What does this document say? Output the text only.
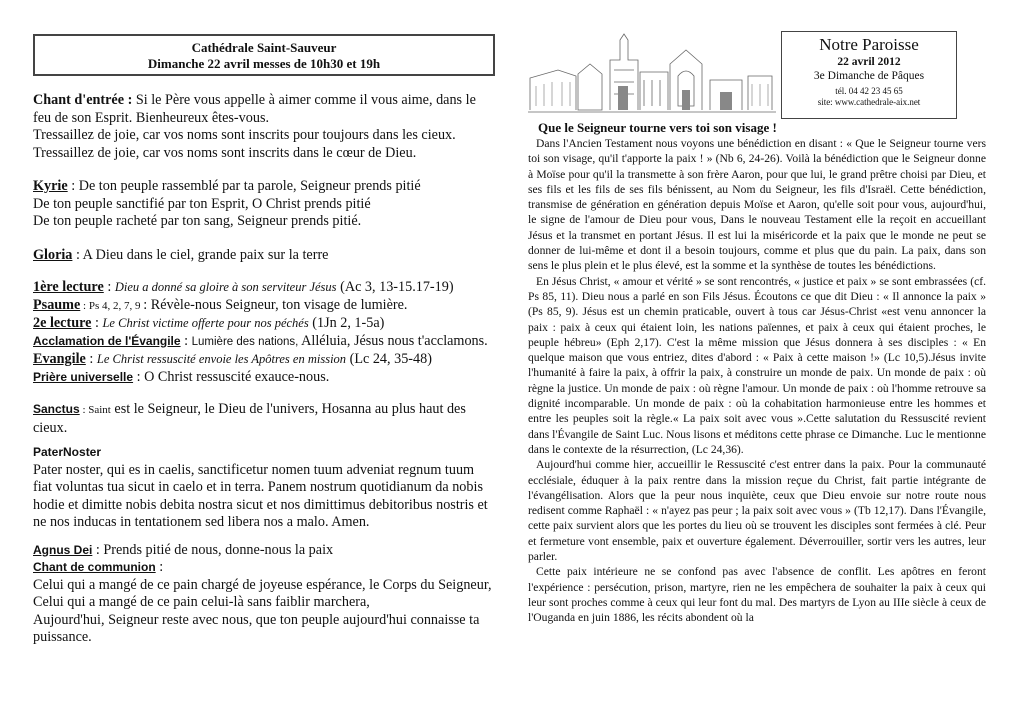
Cathédrale Saint-Sauveur
Dimanche 22 avril messes de 10h30 et 19h

Chant d'entrée : Si le Père vous appelle à aimer comme il vous aime, dans le feu de son Esprit. Bienheureux êtes-vous.

Tressaillez de joie, car vos noms sont inscrits pour toujours dans les cieux.

Tressaillez de joie, car vos noms sont inscrits dans le cœur de Dieu.

Kyrie : De ton peuple rassemblé par ta parole, Seigneur prends pitié

De ton peuple sanctifié par ton Esprit, O Christ prends pitié

De ton peuple racheté par ton sang, Seigneur prends pitié.

Gloria : A Dieu dans le ciel, grande paix sur la terre

1ère lecture : Dieu a donné sa gloire à son serviteur Jésus (Ac 3, 13-15.17-19)

Psaume : Ps 4, 2, 7, 9 : Révèle-nous Seigneur, ton visage de lumière.

2e lecture : Le Christ victime offerte pour nos péchés (1Jn 2, 1-5a)

Acclamation de l'Évangile : Lumière des nations, Alléluia, Jésus nous t'acclamons.

Evangile : Le Christ ressuscité envoie les Apôtres en mission (Lc 24, 35-48)

Prière universelle : O Christ ressuscité exauce-nous.

Sanctus : Saint est le Seigneur, le Dieu de l'univers, Hosanna au plus haut des cieux.

PaterNoster

Pater noster, qui es in caelis, sanctificetur nomen tuum adveniat regnum tuum fiat voluntas tua sicut in caelo et in terra. Panem nostrum quotidianum da nobis hodie et dimitte nobis debita nostra sicut et nos dimittimus debitoribus nostris et ne nos inducas in tentationem sed libera nos a malo. Amen.

Agnus Dei : Prends pitié de nous, donne-nous la paix

Chant de communion :

Celui qui a mangé de ce pain chargé de joyeuse espérance, le Corps du Seigneur,

Celui qui a mangé de ce pain celui-là sans faiblir marchera,

Aujourd'hui, Seigneur reste avec nous, que ton peuple aujourd'hui connaisse ta puissance.

Notre Paroisse
22 avril 2012
3e Dimanche de Pâques
tél. 04 42 23 45 65
site: www.cathedrale-aix.net
Que le Seigneur tourne vers toi son visage !

Dans l'Ancien Testament nous voyons une bénédiction en disant : « Que le Seigneur tourne vers toi son visage, qu'il t'apporte la paix ! » (Nb 6, 24-26). Voilà la bénédiction que le Seigneur donne à Moïse pour qu'il la transmette à son frère Aaron, pour que lui, le grand prêtre choisi par Dieu, et ses fils et les fils de ses fils bénissent, au Nom du Seigneur, les fils d'Israël. Cette bénédiction, transmise de génération en génération depuis Moïse et Aaron, qu'elle soit pour vous, aujourd'hui, le signe de l'amour de Dieu pour vous, Dans le nouveau Testament elle la reçoit en accueillant Jésus et la transmet en portant Jésus. Il est lui la miséricorde et la paix que le monde ne peut se donner de lui-même et dont il a besoin toujours, comme et plus que du pain. La paix, dans son sens le plus plein et le plus élevé, est la somme et la synthèse de toutes les bénédictions.

En Jésus Christ, « amour et vérité » se sont rencontrés, « justice et paix » se sont embrassées (cf. Ps 85, 11). Dieu nous a parlé en son Fils Jésus. Écoutons ce que dit Dieu : « Il annonce la paix » (Ps 85, 9). Jésus est un chemin praticable, ouvert à tous car Jésus-Christ «est venu annoncer la paix : paix à ceux qui étaient loin, les nations païennes, et paix à ceux qui étaient proches, le peuple hébreu» (Eph 2,17). C'est la même mission que Jésus donnera à ses disciples : « En quelque maison que vous entriez, dites d'abord : « Paix à cette maison !» (Lc 10,5).Jésus invite l'humanité à faire la paix, à offrir la paix, à construire un monde de paix. Un monde de paix : où règne la justice. Un monde de paix : où règne l'amour. Un monde de paix : où l'homme retrouve sa dignité incomparable. Un monde de paix : où la cohabitation harmonieuse entre les hommes et entre les peuples soit la règle.« La paix soit avec vous ».Cette salutation du Ressuscité revient dans l'Évangile de Saint Luc. Nous lisons et méditons cette phrase ce Dimanche. Luc le mentionne dans le contexte de la résurrection, (Lc 24,36).

Aujourd'hui comme hier, accueillir le Ressuscité c'est entrer dans la paix. Pour la communauté ecclésiale, éduquer à la paix rentre dans la mission reçue du Christ, fait partie intégrante de l'évangélisation. Alors que la peur nous inquiète, ceux que Dieu envoie sur notre route nous redisent comme Raphaël : « n'ayez pas peur ; la paix soit avec vous » (Tb 12,17). Dans l'Évangile, cette paix survient alors que les portes du lieu où se trouvent les disciples sont fermées à clé. Peur et fermeture vont ensemble, paix et ouverture également. Déverrouiller, sortir vers les autres, leur parler.

Cette paix intérieure ne se confond pas avec l'absence de conflit. Les apôtres en feront l'expérience : persécution, prison, martyre, rien ne les empêchera de souhaiter la paix à ceux qui leur sont proches comme à ceux qui leur font du mal. Des martyrs de Lyon au IIIe siècle à ceux de l'Ouganda en juin 1886, les récits abondent où la
